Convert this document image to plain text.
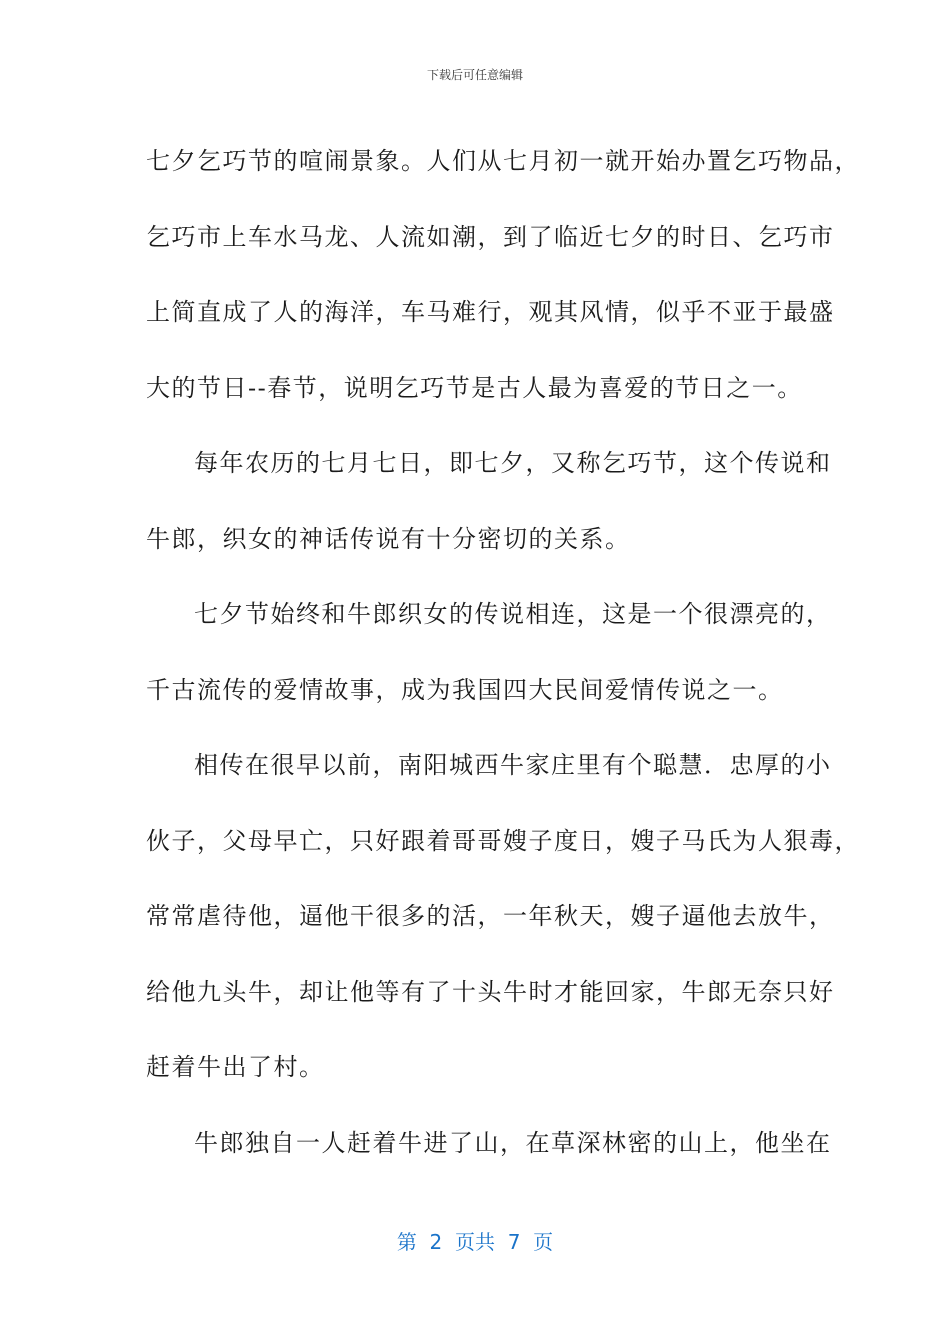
下载后可任意编辑
七夕乞巧节的喧闹景象。人们从七月初一就开始办置乞巧物品，
乞巧市上车水马龙、人流如潮，到了临近七夕的时日、乞巧市
上简直成了人的海洋，车马难行，观其风情，似乎不亚于最盛
大的节日--春节，说明乞巧节是古人最为喜爱的节日之一。
每年农历的七月七日，即七夕，又称乞巧节，这个传说和
牛郎，织女的神话传说有十分密切的关系。
七夕节始终和牛郎织女的传说相连，这是一个很漂亮的，
千古流传的爱情故事，成为我国四大民间爱情传说之一。
相传在很早以前，南阳城西牛家庄里有个聪慧．忠厚的小
伙子，父母早亡，只好跟着哥哥嫂子度日，嫂子马氏为人狠毒，
常常虐待他，逼他干很多的活，一年秋天，嫂子逼他去放牛，
给他九头牛，却让他等有了十头牛时才能回家，牛郎无奈只好
赶着牛出了村。
牛郎独自一人赶着牛进了山，在草深林密的山上，他坐在
第  2  页共  7  页
